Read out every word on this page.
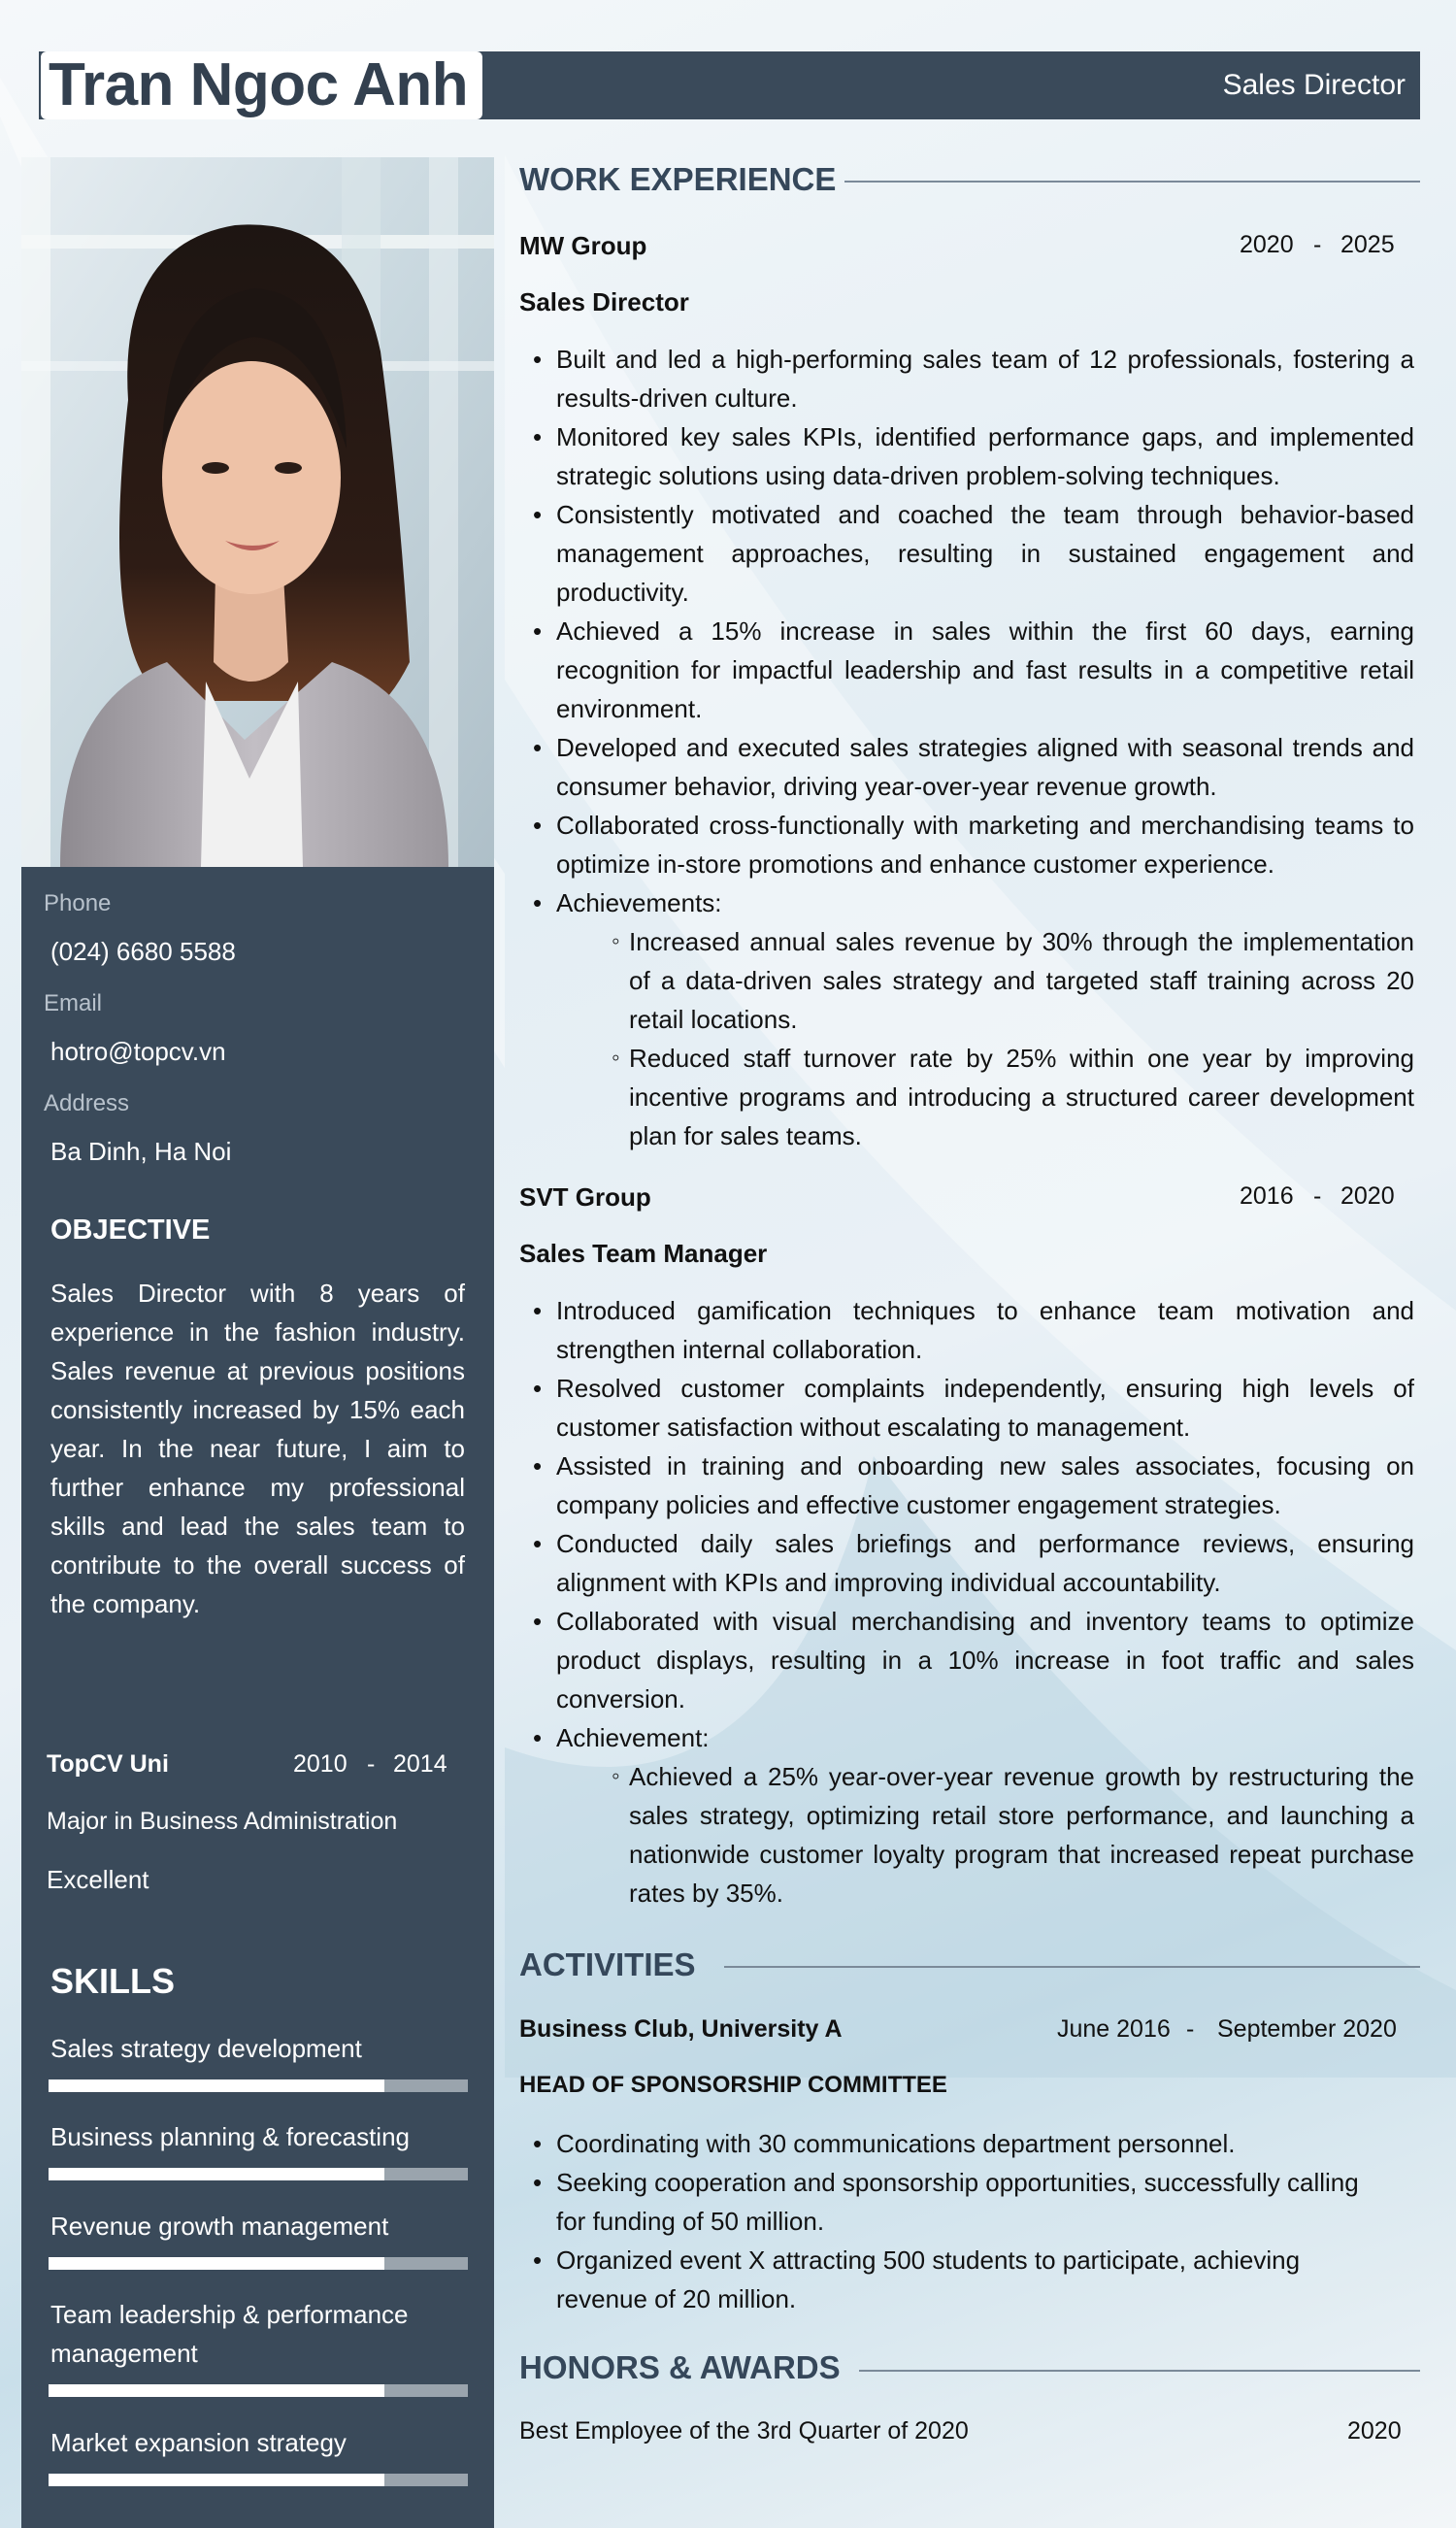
Tran Ngoc Anh	Sales Director
Phone
(024) 6680 5588
Email
hotro@topcv.vn
Address
Ba Dinh, Ha Noi
OBJECTIVE
Sales Director with 8 years of experience in the fashion industry. Sales revenue at previous positions consistently increased by 15% each year. In the near future, I aim to further enhance my professional skills and lead the sales team to contribute to the overall success of the company.
TopCV Uni	2010 - 2014
Major in Business Administration
Excellent
SKILLS
Sales strategy development
Business planning & forecasting
Revenue growth management
Team leadership & performance management
Market expansion strategy
WORK EXPERIENCE
MW Group	2020 - 2025
Sales Director
• Built and led a high-performing sales team of 12 professionals, fostering a results-driven culture.
• Monitored key sales KPIs, identified performance gaps, and implemented strategic solutions using data-driven problem-solving techniques.
• Consistently motivated and coached the team through behavior-based management approaches, resulting in sustained engagement and productivity.
• Achieved a 15% increase in sales within the first 60 days, earning recognition for impactful leadership and fast results in a competitive retail environment.
• Developed and executed sales strategies aligned with seasonal trends and consumer behavior, driving year-over-year revenue growth.
• Collaborated cross-functionally with marketing and merchandising teams to optimize in-store promotions and enhance customer experience.
• Achievements:
◦ Increased annual sales revenue by 30% through the implementation of a data-driven sales strategy and targeted staff training across 20 retail locations.
◦ Reduced staff turnover rate by 25% within one year by improving incentive programs and introducing a structured career development plan for sales teams.
SVT Group	2016 - 2020
Sales Team Manager
• Introduced gamification techniques to enhance team motivation and strengthen internal collaboration.
• Resolved customer complaints independently, ensuring high levels of customer satisfaction without escalating to management.
• Assisted in training and onboarding new sales associates, focusing on company policies and effective customer engagement strategies.
• Conducted daily sales briefings and performance reviews, ensuring alignment with KPIs and improving individual accountability.
• Collaborated with visual merchandising and inventory teams to optimize product displays, resulting in a 10% increase in foot traffic and sales conversion.
• Achievement:
◦ Achieved a 25% year-over-year revenue growth by restructuring the sales strategy, optimizing retail store performance, and launching a nationwide customer loyalty program that increased repeat purchase rates by 35%.
ACTIVITIES
Business Club, University A	June 2016 - September 2020
HEAD OF SPONSORSHIP COMMITTEE
• Coordinating with 30 communications department personnel.
• Seeking cooperation and sponsorship opportunities, successfully calling for funding of 50 million.
• Organized event X attracting 500 students to participate, achieving revenue of 20 million.
HONORS & AWARDS
Best Employee of the 3rd Quarter of 2020	2020
